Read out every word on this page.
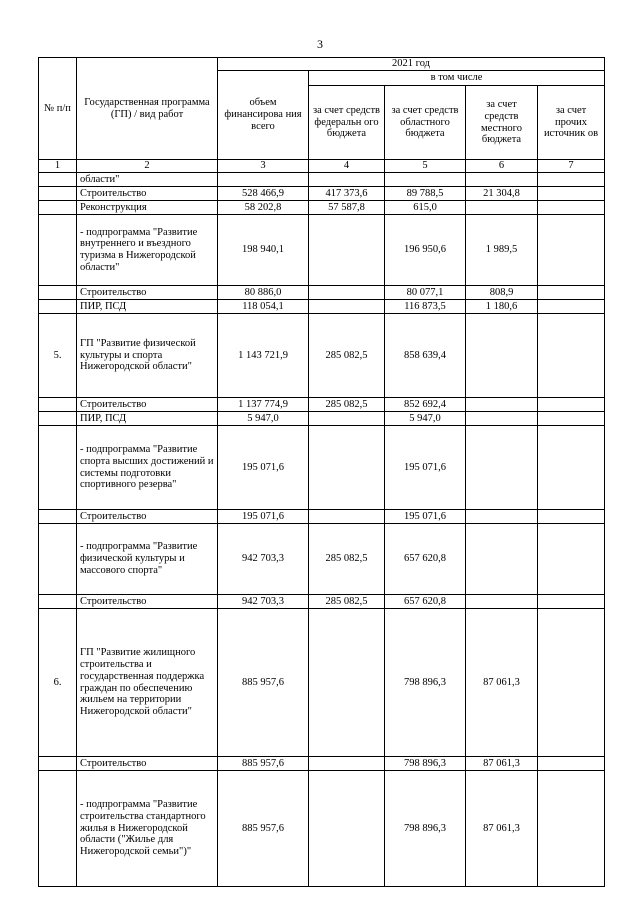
3
№ п/п	Государственная программа (ГП) / вид работ	2021 год				
		объем финансирова ния всего	в том числе			
			за счет средств федеральн ого бюджета	за счет средств областного бюджета	за счет средств местного бюджета	за счет прочих источник ов
1	2	3	4	5	6	7
	области"					
	Строительство	528 466,9	417 373,6	89 788,5	21 304,8	
	Реконструкция	58 202,8	57 587,8	615,0		
	- подпрограмма "Развитие внутреннего и въездного туризма в Нижегородской области"	198 940,1		196 950,6	1 989,5	
	Строительство	80 886,0		80 077,1	808,9	
	ПИР, ПСД	118 054,1		116 873,5	1 180,6	
5.	ГП "Развитие физической культуры и спорта Нижегородской области"	1 143 721,9	285 082,5	858 639,4		
	Строительство	1 137 774,9	285 082,5	852 692,4		
	ПИР, ПСД	5 947,0		5 947,0		
	- подпрограмма "Развитие спорта высших достижений и системы подготовки спортивного резерва"	195 071,6		195 071,6		
	Строительство	195 071,6		195 071,6		
	- подпрограмма "Развитие физической культуры и массового спорта"	942 703,3	285 082,5	657 620,8		
	Строительство	942 703,3	285 082,5	657 620,8		
6.	ГП "Развитие жилищного строительства и государственная поддержка граждан по обеспечению жильем на территории Нижегородской области"	885 957,6		798 896,3	87 061,3	
	Строительство	885 957,6		798 896,3	87 061,3	
	- подпрограмма "Развитие строительства стандартного жилья в Нижегородской области ("Жилье для Нижегородской семьи")"	885 957,6		798 896,3	87 061,3	
